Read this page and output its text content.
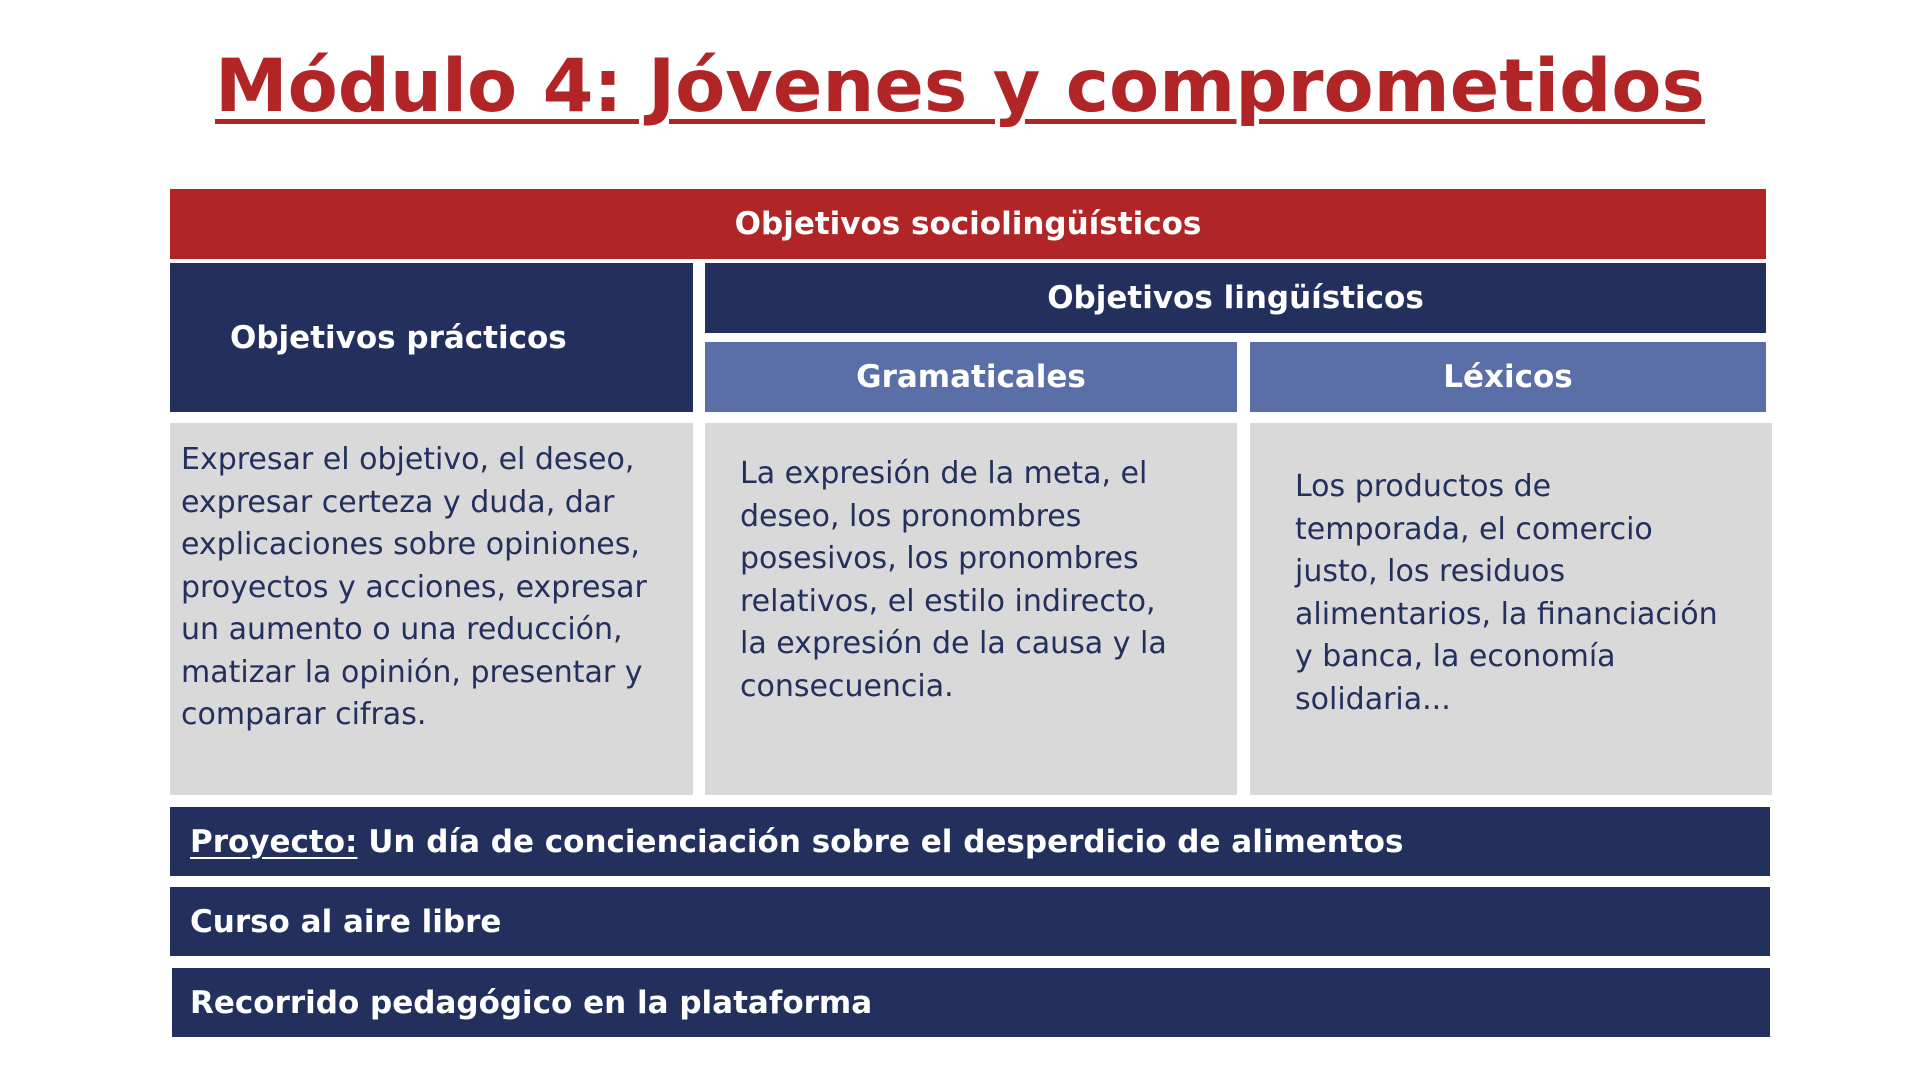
Módulo 4: Jóvenes y comprometidos
Objetivos sociolingüísticos
Objetivos prácticos
Objetivos lingüísticos
Gramaticales	Léxicos
Expresar el objetivo, el deseo, expresar certeza y duda, dar explicaciones sobre opiniones, proyectos y acciones, expresar un aumento o una reducción, matizar la opinión, presentar y comparar cifras.
La expresión de la meta, el deseo, los pronombres posesivos, los pronombres relativos, el estilo indirecto, la expresión de la causa y la consecuencia.
Los productos de temporada, el comercio justo, los residuos alimentarios, la financiación y banca, la economía solidaria...
Proyecto: Un día de concienciación sobre el desperdicio de alimentos
Curso al aire libre
Recorrido pedagógico en la plataforma
